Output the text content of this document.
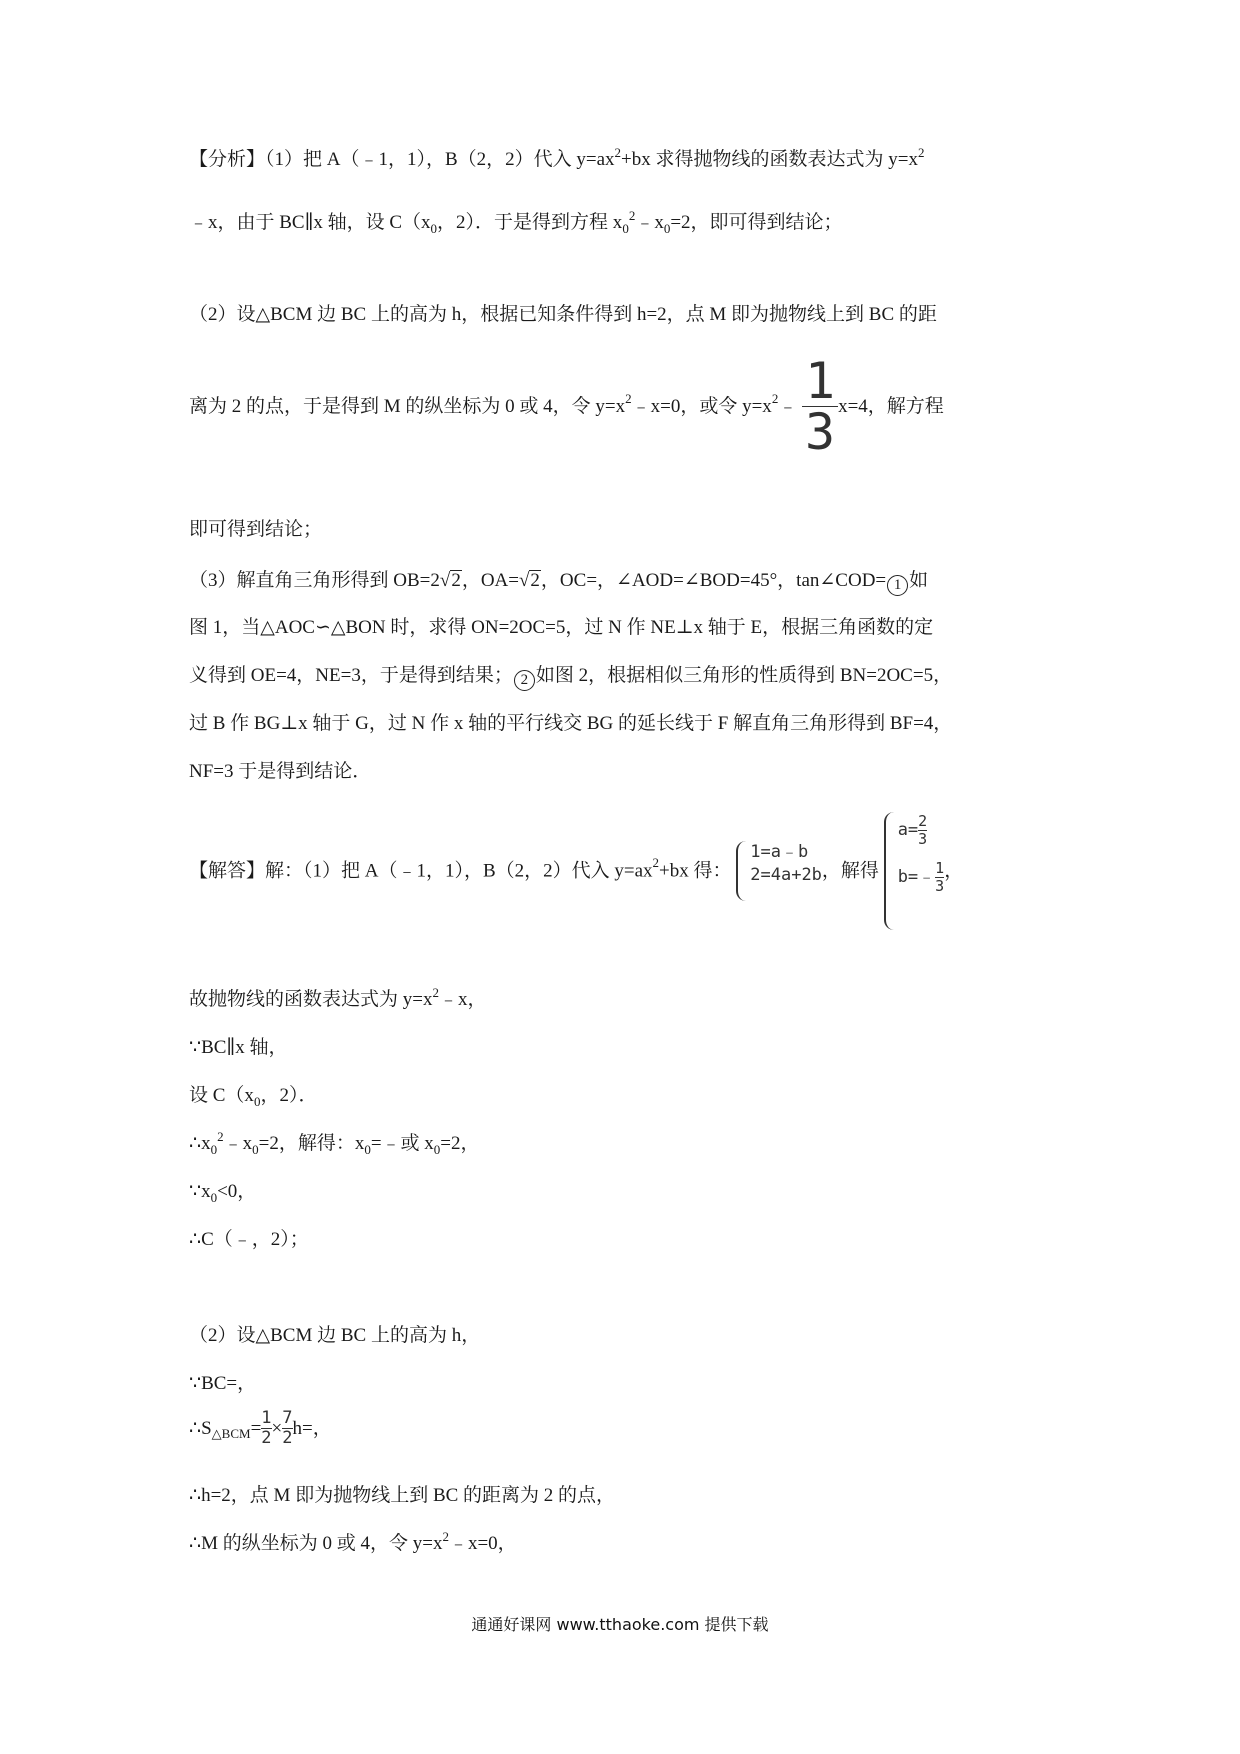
【分析】（1）把 A（﹣1，1），B（2，2）代入 $y=ax^2+bx$ 求得抛物线的函数表达式为 $y=x^2$
﹣x，由于 BC∥x 轴，设 $C(x_0$，2）．于是得到方程 $x_0^2﹣x_0=2$，即可得到结论；
（2）设△BCM 边 BC 上的高为 h，根据已知条件得到 h=2，点 M 即为抛物线上到 BC 的距
离为 2 的点，于是得到 M 的纵坐标为 0 或 4，令 $y=x^2﹣x=0$，或令 $y=x^2﹣ \frac{1}{3} x=4$，解方程
即可得到结论；
（3）解直角三角形得到 OB=2√2，OA=√2，OC=，∠AOD=∠BOD=45°，tan∠COD= 1 如
图 1，当△AOC∽△BON 时，求得 ON=2OC=5，过 N 作 NE⊥x 轴于 E，根据三角函数的定
义得到 OE=4，NE=3，于是得到结果； 2 如图 2，根据相似三角形的性质得到 BN=2OC=5，
过 B 作 BG⊥x 轴于 G，过 N 作 x 轴的平行线交 BG 的延长线于 F 解直角三角形得到 BF=4，
NF=3 于是得到结论．
【解答】解：（1）把 A（﹣1，1），B（2，2）代入 $y=ax^2+bx$ 得：
1=a﹣b
2=4a+2b ，解得
$a=\frac{2}{3}$
$b=﹣\frac{1}{3}$ ，
故抛物线的函数表达式为 $y=x^2﹣x$，
∵BC∥x 轴，
设 $C(x_0$，2）．
$\therefore x_0^2﹣x_0=2$，解得：$x_0=﹣$或 $x_0=2$，
$\because x_0<0$，
∴C（﹣，2）；
（2）设△BCM 边 BC 上的高为 h，
∵BC=，
$\therefore S_{\triangle BCM}=\frac{1}{2}\times\frac{7}{2}h=$，
∴h=2，点 M 即为抛物线上到 BC 的距离为 2 的点，
∴M 的纵坐标为 0 或 4，令 $y=x^2﹣x=0$，
通通好课网 www.tthaoke.com 提供下载
